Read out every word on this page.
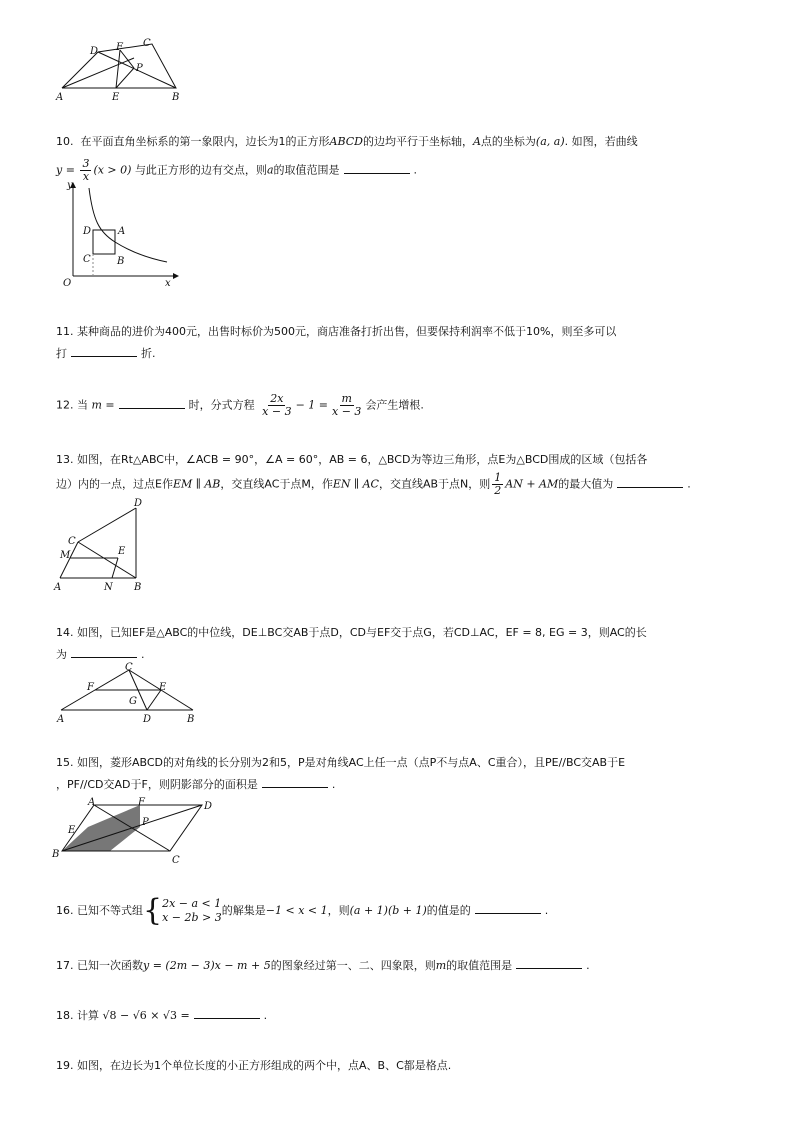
D F C
P
A	E	B
10. 在平面直角坐标系的第一象限内，边长为1的正方形ABCD的边均平行于坐标轴，A点的坐标为(a, a). 如图，若曲线
$y = \frac{3}{x} (x > 0)$ 与此正方形的边有交点，则a的取值范围是	.
y
x
O
D	A
C	B
11. 某种商品的进价为400元，出售时标价为500元，商店准备打折出售，但要保持利润率不低于10%，则至多可以
打	折.
12. 当 m =	时，分式方程 $\frac{2x}{x - 3} - 1 = \frac{m}{x - 3}$ 会产生增根.
13. 如图，在Rt△ABC中，∠ACB = 90°，∠A = 60°，AB = 6，△BCD为等边三角形，点E为△BCD围成的区域（包括各
边）内的一点，过点E作EM ∥ AB，交直线AC于点M，作EN ∥ AC，交直线AB于点N，则 $\frac{1}{2}$ AN + AM的最大值为	.
D
C
M	E
A	N B
14. 如图，已知EF是△ABC的中位线，DE⊥BC交AB于点D，CD与EF交于点G，若CD⊥AC，EF = 8, EG = 3，则AC的长
为	.
C
F	E
G
A	D	B
15. 如图，菱形ABCD的对角线的长分别为2和5，P是对角线AC上任一点（点P不与点A、C重合），且PE//BC交AB于E
，PF//CD交AD于F，则阴影部分的面积是	.
A	F	D
E
P
B
C
16. 已知不等式组{ 2x − a < 1
x − 2b > 3
的解集是−1 < x < 1，则(a + 1)(b + 1)的值是的	.
17. 已知一次函数y = (2m − 3)x − m + 5的图象经过第一、二、四象限，则m的取值范围是	.
18. 计算 √8 − √6 × √3 =	.
19. 如图，在边长为1个单位长度的小正方形组成的两个中，点A、B、C都是格点.
